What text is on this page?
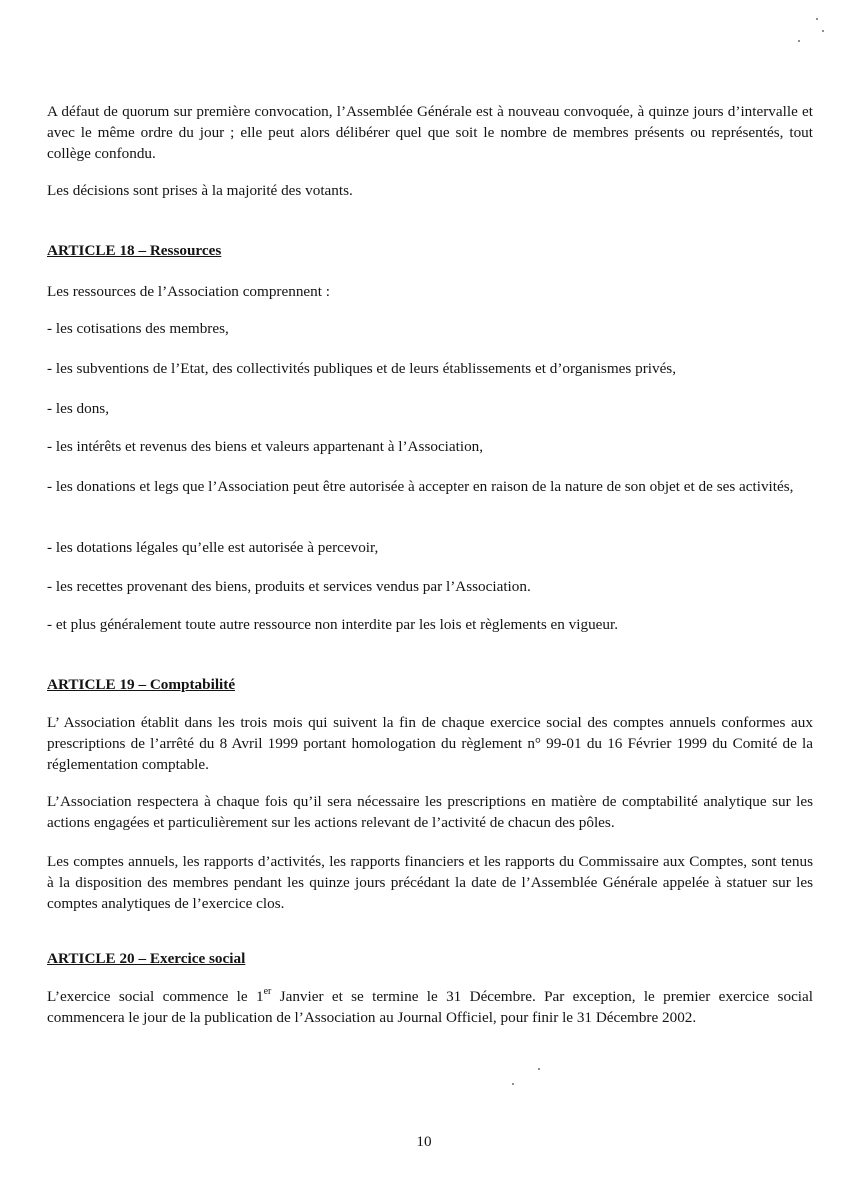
A défaut de quorum sur première convocation, l’Assemblée Générale est à nouveau convoquée, à quinze jours d’intervalle et avec le même ordre du jour ; elle peut alors délibérer quel que soit le nombre de membres présents ou représentés, tout collège confondu.

Les décisions sont prises à la majorité des votants.

ARTICLE 18 – Ressources

Les ressources de l’Association comprennent :

- les cotisations des membres,

- les subventions de l’Etat, des collectivités publiques et de leurs établissements et d’organismes privés,

- les dons,

- les intérêts et revenus des biens et valeurs appartenant à l’Association,

- les donations et legs que l’Association peut être autorisée à accepter en raison de la nature de son objet et de ses activités,

- les dotations légales qu’elle est autorisée à percevoir,

- les recettes provenant des biens, produits et services vendus par l’Association.

- et plus généralement toute autre ressource non interdite par les lois et règlements en vigueur.

ARTICLE 19 – Comptabilité

L’ Association établit dans les trois mois qui suivent la fin de chaque exercice social des comptes annuels conformes aux prescriptions de l’arrêté du 8 Avril 1999 portant homologation du règlement n° 99-01 du 16 Février 1999 du Comité de la réglementation comptable.

L’Association respectera à chaque fois qu’il sera nécessaire les prescriptions en matière de comptabilité analytique sur les actions engagées et particulièrement sur les actions relevant de l’activité de chacun des pôles.

Les comptes annuels, les rapports d’activités, les rapports financiers et les rapports du Commissaire aux Comptes, sont tenus à la disposition des membres pendant les quinze jours précédant la date de l’Assemblée Générale appelée à statuer sur les comptes analytiques de l’exercice clos.

ARTICLE 20 – Exercice social

L’exercice social commence le 1er Janvier et se termine le 31 Décembre. Par exception, le premier exercice social commencera le jour de la publication de l’Association au Journal Officiel, pour finir le 31 Décembre 2002.

10
